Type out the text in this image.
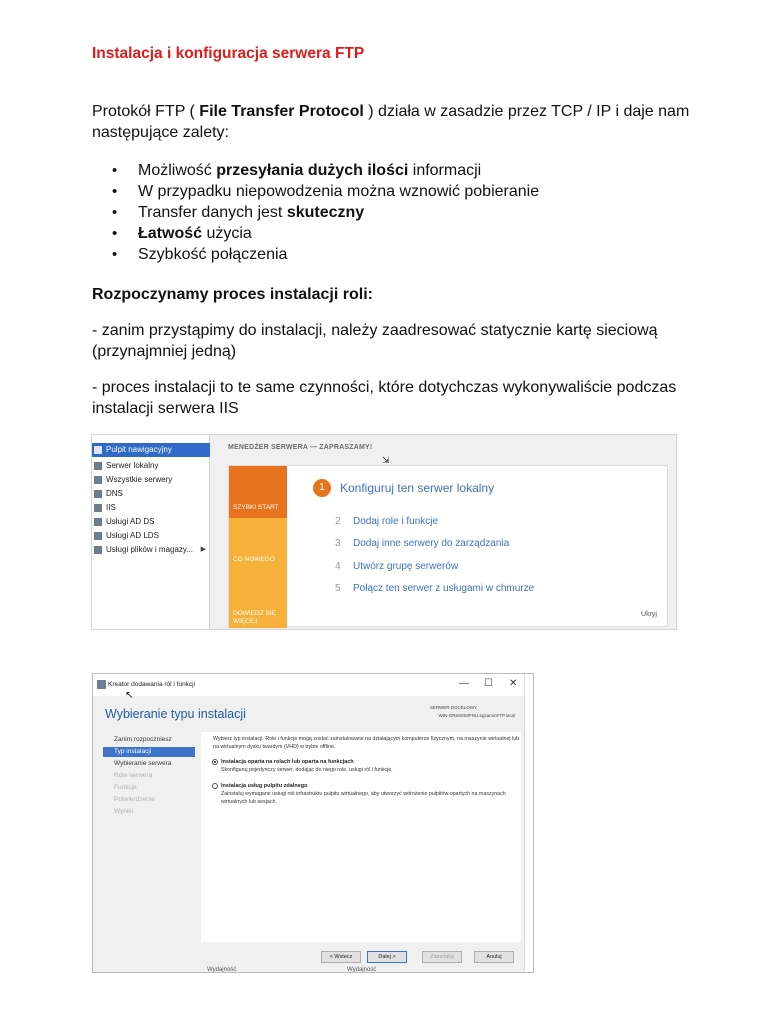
Instalacja i konfiguracja serwera FTP
Protokół FTP ( File Transfer Protocol ) działa w zasadzie przez TCP / IP i daje nam następujące zalety:
• Możliwość przesyłania dużych ilości informacji
• W przypadku niepowodzenia można wznowić pobieranie
• Transfer danych jest skuteczny
• Łatwość użycia
• Szybkość połączenia
Rozpoczynamy proces instalacji roli:
- zanim przystąpimy do instalacji, należy zaadresować statycznie kartę sieciową (przynajmniej jedną)
- proces instalacji to te same czynności, które dotychczas wykonywaliście podczas instalacji serwera IIS
Pulpit nawigacyjny
Serwer lokalny
Wszystkie serwery
DNS
IIS
Usługi AD DS
Usługi AD LDS
Usługi plików i magazy... ▶
MENEDŻER SERWERA — ZAPRASZAMY!
⇲
SZYBKI START
CO NOWEGO
DOWIEDZ SIĘ WIĘCEJ
1	Konfiguruj ten serwer lokalny
2 Dodaj role i funkcje
3 Dodaj inne serwery do zarządzania
4 Utwórz grupę serwerów
5 Połącz ten serwer z usługami w chmurze
Ukryj
Kreator dodawania ról i funkcji	— ☐ ✕
↖
Wybieranie typu instalacji	SERWER DOCELOWY
WIN-GR6S0S0FNU.egzaminFTP.local
Zanim rozpoczniesz
Typ instalacji
Wybieranie serwera
Role serwera
Funkcje
Potwierdzenie
Wyniki
Wybierz typ instalacji. Role i funkcje mogą zostać zainstalowane na działającym komputerze fizycznym, na maszynie wirtualnej lub na wirtualnym dysku twardym (VHD) w trybie offline.
Instalacja oparta na rolach lub oparta na funkcjach
Skonfiguruj pojedynczy serwer, dodając do niego role, usługi ról i funkcje.
Instalacja usług pulpitu zdalnego
Zainstaluj wymagane usługi roli infrastruktu pulpitu wirtualnego, aby utworzyć wdrożenie pulpitów opartych na maszynach wirtualnych lub sesjach.
< Wstecz	Dalej >	Zainstaluj	Anuluj
Wydajność	Wydajność
